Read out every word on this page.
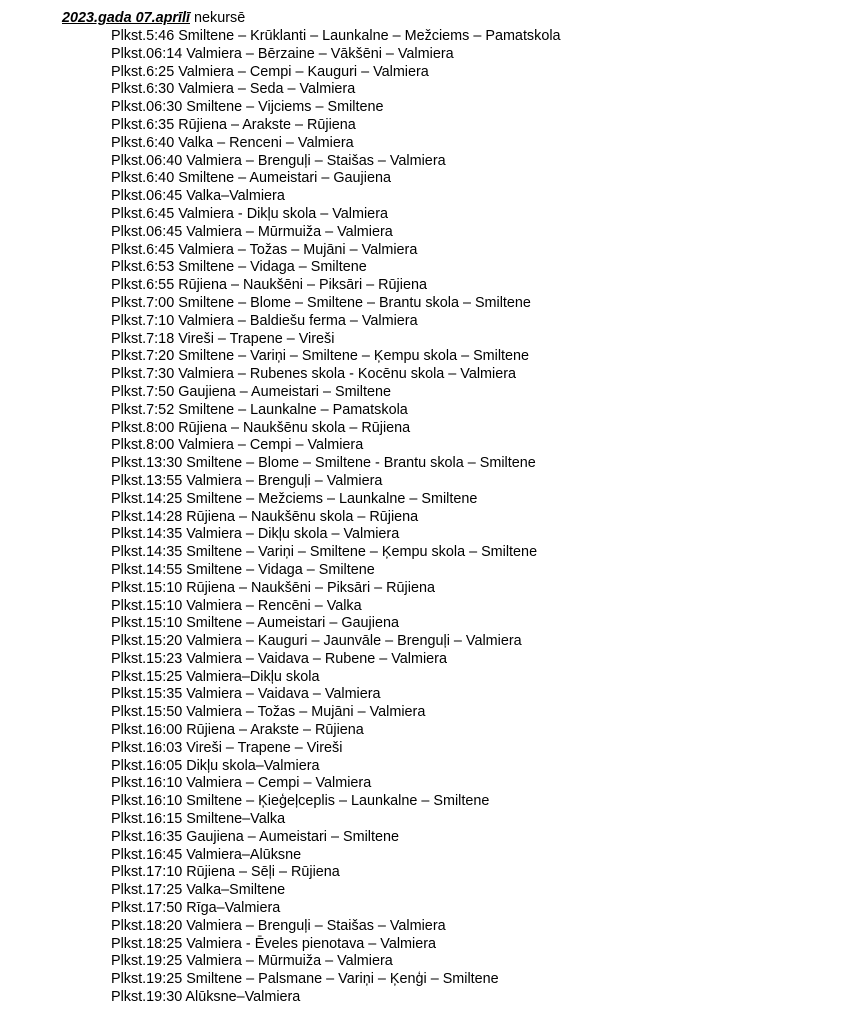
2023.gada 07.aprīlī nekursē
Plkst.5:46 Smiltene – Krūklanti – Launkalne – Mežciems – Pamatskola
Plkst.06:14 Valmiera – Bērzaine – Vākšēni – Valmiera
Plkst.6:25 Valmiera – Cempi – Kauguri – Valmiera
Plkst.6:30 Valmiera – Seda – Valmiera
Plkst.06:30 Smiltene – Vijciems – Smiltene
Plkst.6:35 Rūjiena – Arakste – Rūjiena
Plkst.6:40 Valka – Renceni – Valmiera
Plkst.06:40 Valmiera – Brenguļi – Staišas – Valmiera
Plkst.6:40 Smiltene – Aumeistari – Gaujiena
Plkst.06:45 Valka–Valmiera
Plkst.6:45 Valmiera - Dikļu skola – Valmiera
Plkst.06:45 Valmiera – Mūrmuiža – Valmiera
Plkst.6:45 Valmiera – Tožas – Mujāni – Valmiera
Plkst.6:53 Smiltene – Vidaga – Smiltene
Plkst.6:55 Rūjiena – Naukšēni – Piksāri – Rūjiena
Plkst.7:00 Smiltene – Blome – Smiltene – Brantu skola – Smiltene
Plkst.7:10 Valmiera – Baldiešu ferma – Valmiera
Plkst.7:18 Vireši – Trapene – Vireši
Plkst.7:20 Smiltene – Variņi – Smiltene – Ķempu skola – Smiltene
Plkst.7:30 Valmiera – Rubenes skola - Kocēnu skola – Valmiera
Plkst.7:50 Gaujiena – Aumeistari – Smiltene
Plkst.7:52 Smiltene – Launkalne – Pamatskola
Plkst.8:00 Rūjiena – Naukšēnu skola – Rūjiena
Plkst.8:00 Valmiera – Cempi – Valmiera
Plkst.13:30 Smiltene – Blome – Smiltene - Brantu skola – Smiltene
Plkst.13:55 Valmiera – Brenguļi – Valmiera
Plkst.14:25 Smiltene – Mežciems – Launkalne – Smiltene
Plkst.14:28 Rūjiena – Naukšēnu skola – Rūjiena
Plkst.14:35 Valmiera – Dikļu skola – Valmiera
Plkst.14:35 Smiltene – Variņi – Smiltene – Ķempu skola – Smiltene
Plkst.14:55 Smiltene – Vidaga – Smiltene
Plkst.15:10 Rūjiena – Naukšēni – Piksāri – Rūjiena
Plkst.15:10 Valmiera – Rencēni – Valka
Plkst.15:10 Smiltene – Aumeistari – Gaujiena
Plkst.15:20 Valmiera – Kauguri – Jaunvāle – Brenguļi – Valmiera
Plkst.15:23 Valmiera – Vaidava – Rubene – Valmiera
Plkst.15:25 Valmiera–Dikļu skola
Plkst.15:35 Valmiera – Vaidava – Valmiera
Plkst.15:50 Valmiera – Tožas – Mujāni – Valmiera
Plkst.16:00 Rūjiena – Arakste – Rūjiena
Plkst.16:03 Vireši – Trapene – Vireši
Plkst.16:05 Dikļu skola–Valmiera
Plkst.16:10 Valmiera – Cempi – Valmiera
Plkst.16:10 Smiltene – Ķieģeļceplis – Launkalne – Smiltene
Plkst.16:15 Smiltene–Valka
Plkst.16:35 Gaujiena – Aumeistari – Smiltene
Plkst.16:45 Valmiera–Alūksne
Plkst.17:10 Rūjiena – Sēļi – Rūjiena
Plkst.17:25 Valka–Smiltene
Plkst.17:50 Rīga–Valmiera
Plkst.18:20 Valmiera – Brenguļi – Staišas – Valmiera
Plkst.18:25 Valmiera - Ēveles pienotava – Valmiera
Plkst.19:25 Valmiera – Mūrmuiža – Valmiera
Plkst.19:25 Smiltene – Palsmane – Variņi – Ķenģi – Smiltene
Plkst.19:30 Alūksne–Valmiera
